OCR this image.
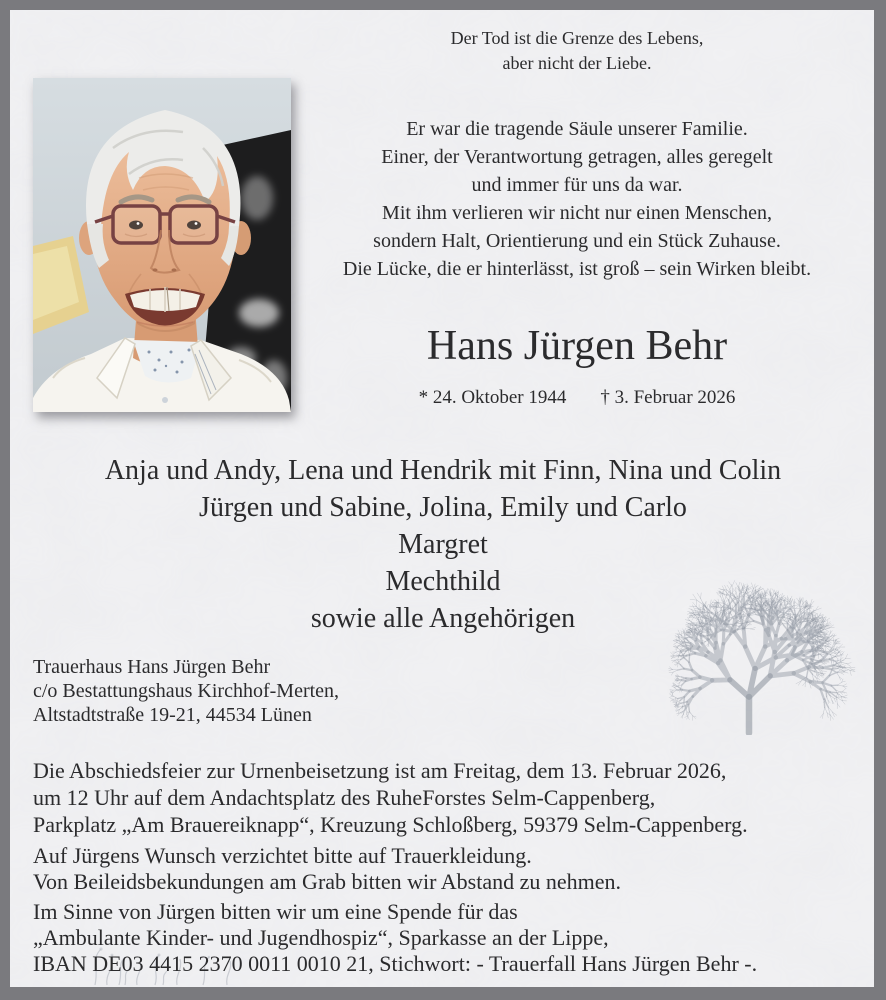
Der Tod ist die Grenze des Lebens,
aber nicht der Liebe.
Er war die tragende Säule unserer Familie.
Einer, der Verantwortung getragen, alles geregelt
und immer für uns da war.
Mit ihm verlieren wir nicht nur einen Menschen,
sondern Halt, Orientierung und ein Stück Zuhause.
Die Lücke, die er hinterlässt, ist groß – sein Wirken bleibt.
Hans Jürgen Behr
* 24. Oktober 1944 † 3. Februar 2026
Anja und Andy, Lena und Hendrik mit Finn, Nina und Colin
Jürgen und Sabine, Jolina, Emily und Carlo
Margret
Mechthild
sowie alle Angehörigen
Trauerhaus Hans Jürgen Behr
c/o Bestattungshaus Kirchhof-Merten,
Altstadtstraße 19-21, 44534 Lünen
Die Abschiedsfeier zur Urnenbeisetzung ist am Freitag, dem 13. Februar 2026,
um 12 Uhr auf dem Andachtsplatz des RuheForstes Selm-Cappenberg,
Parkplatz „Am Brauereiknapp“, Kreuzung Schloßberg, 59379 Selm-Cappenberg.
Auf Jürgens Wunsch verzichtet bitte auf Trauerkleidung.
Von Beileidsbekundungen am Grab bitten wir Abstand zu nehmen.
Im Sinne von Jürgen bitten wir um eine Spende für das
„Ambulante Kinder- und Jugendhospiz“, Sparkasse an der Lippe,
IBAN DE03 4415 2370 0011 0010 21, Stichwort: - Trauerfall Hans Jürgen Behr -.
